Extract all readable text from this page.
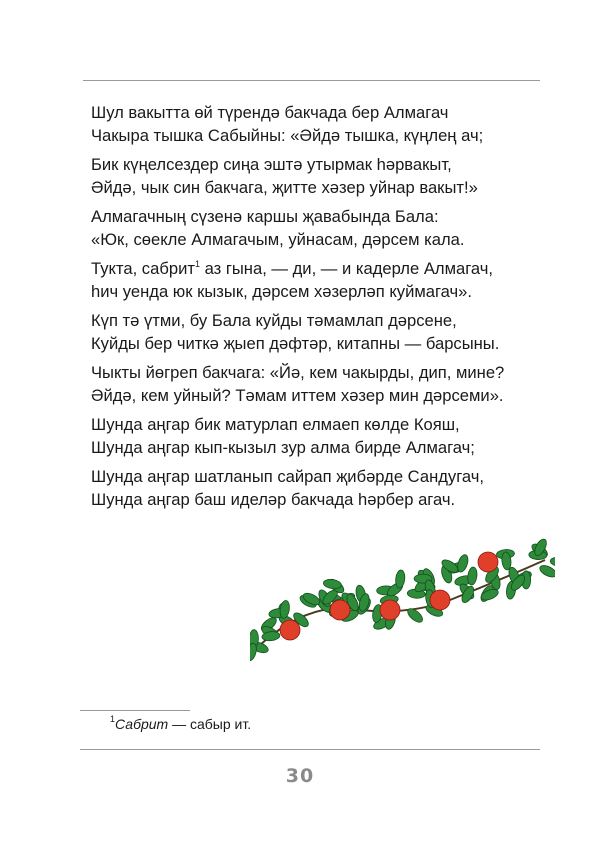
Шул вакытта өй түрендә бакчада бер Алмагач
Чакыра тышка Сабыйны: «Әйдә тышка, күңлең ач;
Бик күңелсездер сиңа эштә утырмак һәрвакыт,
Әйдә, чык син бакчага, җитте хәзер уйнар вакыт!»
Алмагачның сүзенә каршы җавабында Бала:
«Юк, сөекле Алмагачым, уйнасам, дәрсем кала.
Тукта, сабрит$^1$ аз гына, — ди, — и кадерле Алмагач,
һич уенда юк кызык, дәрсем хәзерләп куймагач».
Күп тә үтми, бу Бала куйды тәмамлап дәрсене,
Куйды бер читкә җыеп дәфтәр, китапны — барсыны.
Чыкты йөгреп бакчага: «Йә, кем чакырды, дип, мине?
Әйдә, кем уйный? Тәмам иттем хәзер мин дәрсеми».
Шунда аңгар бик матурлап елмаеп көлде Кояш,
Шунда аңгар кып-кызыл зур алма бирде Алмагач;
Шунда аңгар шатланып сайрап җибәрде Сандугач,
Шунда аңгар баш иделәр бакчада һәрбер агач.
$^1$Сабрит — сабыр ит.
30
